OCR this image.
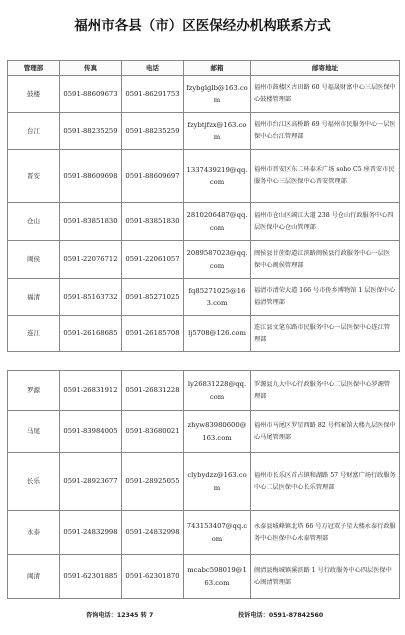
福州市各县（市）区医保经办机构联系方式
管理部	传真	电话	邮箱	邮寄地址
鼓楼	0591-88609673	0591-86291753	fzybglglb@163.com	福州市鼓楼区古田路 60 号福晟财富中心三层医保中心鼓楼管理部
台江	0591-88235259	0591-88235259	fzybtjfzx@163.com	福州市台江区高桥路 69 号福州市民服务中心一层医保中心台江管理部
晋安	0591-88609698	0591-88609697	1337439219@qq.com	福州市晋安区东二环泰禾广场 soho C5 座晋安市民服务中心三层医保中心晋安管理部
仓山	0591-83851830	0591-83851830	2810206487@qq.com	福州市仓山区阔江大道 238 号仓山行政服务中心四层医保中心仓山管理部
闽侯	0591-22076712	0591-22061057	2089587023@qq.com	闽侯县甘蔗街道江滨路闽侯县行政服务中心一层医保中心闽侯管理部
福清	0591-85163732	0591-85271025	fq85271025@163.com	福清市清荣大道 166 号市侨乡博物馆 1 层医保中心福清管理部
连江	0591-26168685	0591-26185708	lj5708@126.com	连江县文笔东路市民服务中心一层医保中心连江管理部
罗源	0591-26831912	0591-26831228	ly26831228@qq.com	罗源县九大中心行政服务中心二层医保中心罗源管理部
马尾	0591-83984005	0591-83680021	zhyw83980600@163.com	福州市马尾区罗星西路 82 号档案馆大楼九层医保中心马尾管理部
长乐	0591-28923677	0591-28925055	clybydzz@163.com	福州市长乐区首占镇和湖路 57 号财富广场行政服务中心二层医保中心长乐管理部
永泰	0591-24832998	0591-24832998	743153407@qq.com	永泰县城峰镇北塔 66 号万冠双子星大楼永泰行政服务中心医保中心永泰管理部
闽清	0591-62301885	0591-62301870	mcabc598019@163.com	闽清县梅城镇溪滨路 1 号行政服务中心四层医保中心闽清管理部
咨询电话：12345 转 7	投诉电话：0591-87842560
